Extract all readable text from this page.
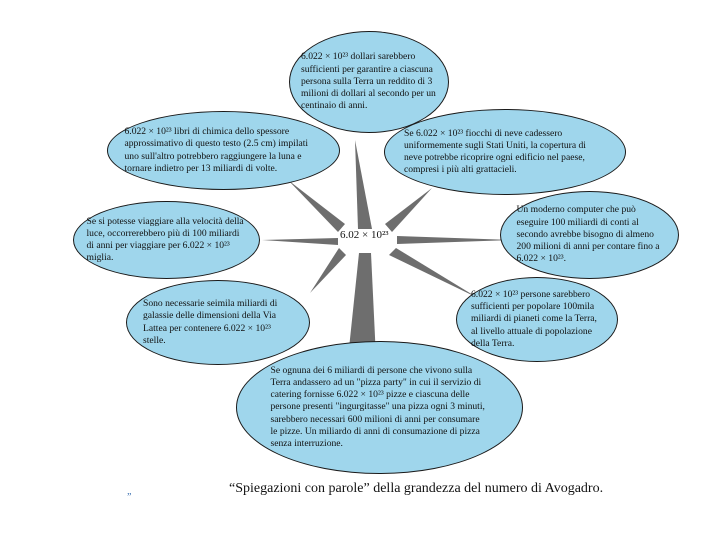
6.022 × 10²³ dollari sarebbero sufficienti per garantire a ciascuna persona sulla Terra un reddito di 3 milioni di dollari al secondo per un centinaio di anni.
6.022 × 10²³ libri di chimica dello spessore approssimativo di questo testo (2.5 cm) impilati uno sull'altro potrebbero raggiungere la luna e tornare indietro per 13 miliardi di volte.
Se 6.022 × 10²³ fiocchi di neve cadessero uniformemente sugli Stati Uniti, la copertura di neve potrebbe ricoprire ogni edificio nel paese, compresi i più alti grattacieli.
Se si potesse viaggiare alla velocità della luce, occorrerebbero più di 100 miliardi di anni per viaggiare per 6.022 × 10²³ miglia.
Un moderno computer che può eseguire 100 miliardi di conti al secondo avrebbe bisogno di almeno 200 milioni di anni per contare fino a 6.022 × 10²³.
Sono necessarie seimila miliardi di galassie delle dimensioni della Via Lattea per contenere 6.022 × 10²³ stelle.
6.022 × 10²³ persone sarebbero sufficienti per popolare 100mila miliardi di pianeti come la Terra, al livello attuale di popolazione della Terra.
Se ognuna dei 6 miliardi di persone che vivono sulla Terra andassero ad un "pizza party" in cui il servizio di catering fornisse 6.022 × 10²³ pizze e ciascuna delle persone presenti "ingurgitasse" una pizza ogni 3 minuti, sarebbero necessari 600 milioni di anni per consumare le pizze. Un miliardo di anni di consumazione di pizza senza interruzione.
6.02 × 10²³
„	“Spiegazioni con parole” della grandezza del numero di Avogadro.
